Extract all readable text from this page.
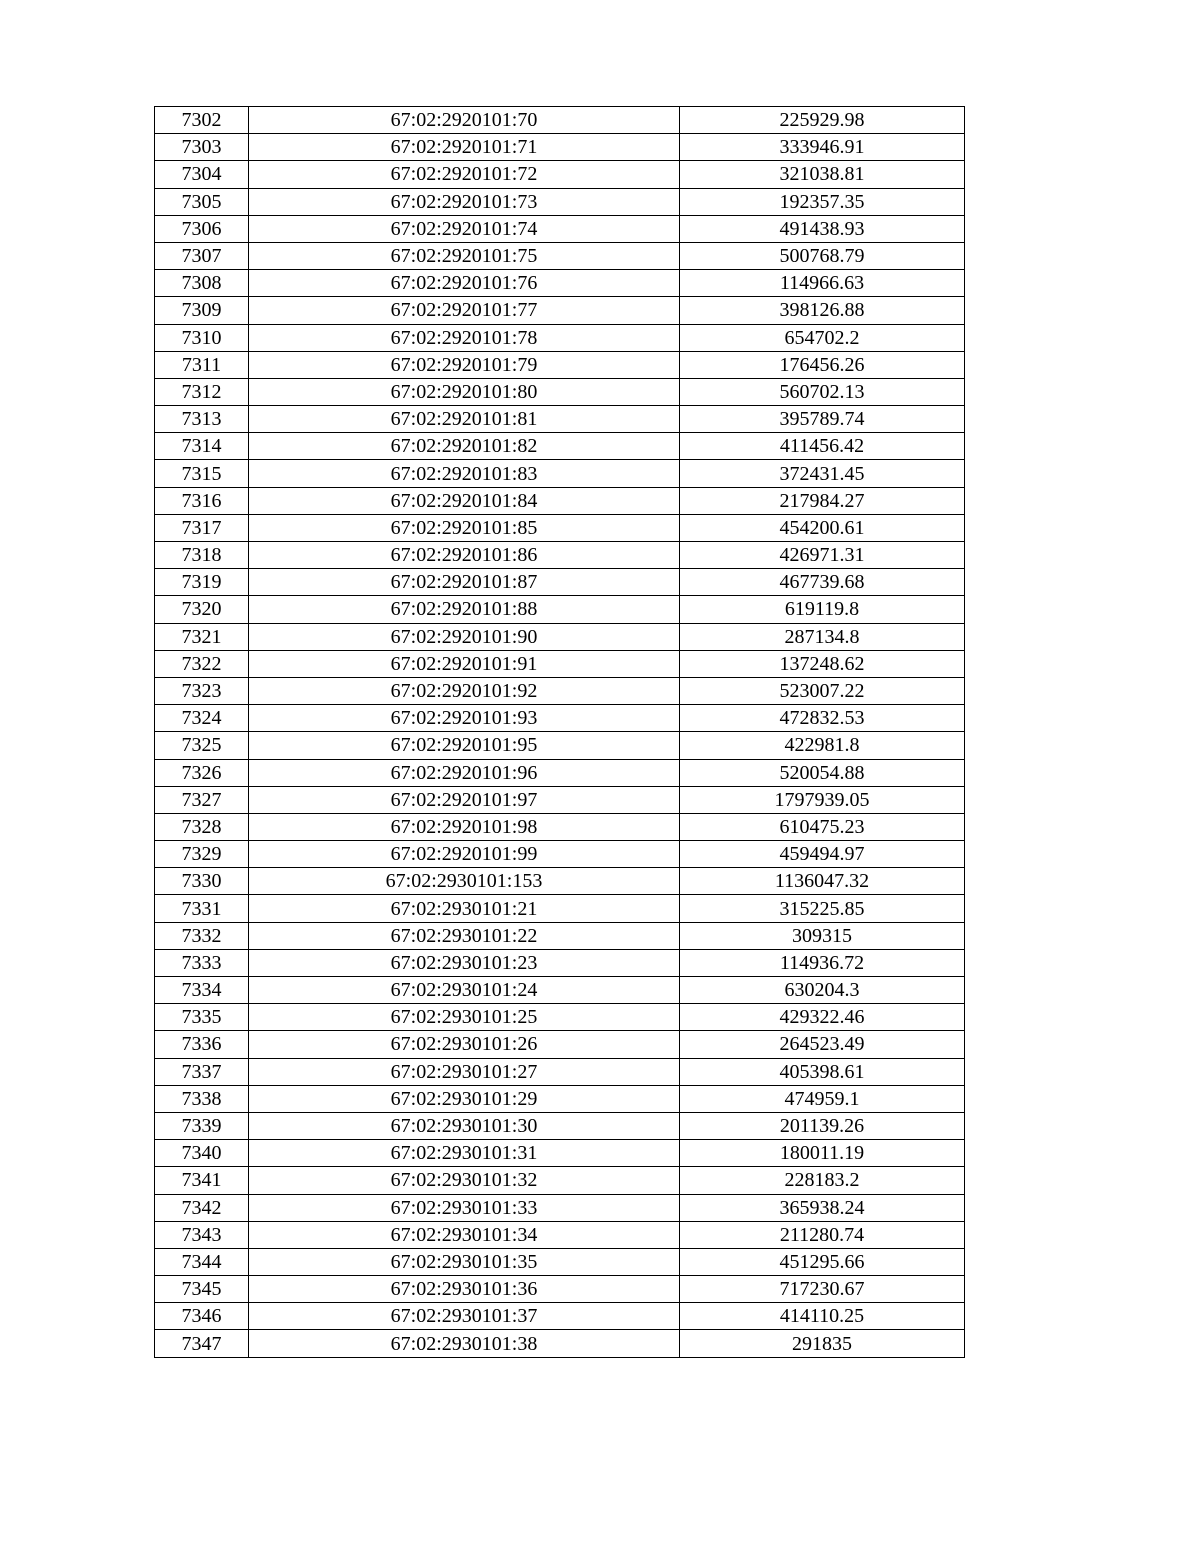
7302	67:02:2920101:70	225929.98
7303	67:02:2920101:71	333946.91
7304	67:02:2920101:72	321038.81
7305	67:02:2920101:73	192357.35
7306	67:02:2920101:74	491438.93
7307	67:02:2920101:75	500768.79
7308	67:02:2920101:76	114966.63
7309	67:02:2920101:77	398126.88
7310	67:02:2920101:78	654702.2
7311	67:02:2920101:79	176456.26
7312	67:02:2920101:80	560702.13
7313	67:02:2920101:81	395789.74
7314	67:02:2920101:82	411456.42
7315	67:02:2920101:83	372431.45
7316	67:02:2920101:84	217984.27
7317	67:02:2920101:85	454200.61
7318	67:02:2920101:86	426971.31
7319	67:02:2920101:87	467739.68
7320	67:02:2920101:88	619119.8
7321	67:02:2920101:90	287134.8
7322	67:02:2920101:91	137248.62
7323	67:02:2920101:92	523007.22
7324	67:02:2920101:93	472832.53
7325	67:02:2920101:95	422981.8
7326	67:02:2920101:96	520054.88
7327	67:02:2920101:97	1797939.05
7328	67:02:2920101:98	610475.23
7329	67:02:2920101:99	459494.97
7330	67:02:2930101:153	1136047.32
7331	67:02:2930101:21	315225.85
7332	67:02:2930101:22	309315
7333	67:02:2930101:23	114936.72
7334	67:02:2930101:24	630204.3
7335	67:02:2930101:25	429322.46
7336	67:02:2930101:26	264523.49
7337	67:02:2930101:27	405398.61
7338	67:02:2930101:29	474959.1
7339	67:02:2930101:30	201139.26
7340	67:02:2930101:31	180011.19
7341	67:02:2930101:32	228183.2
7342	67:02:2930101:33	365938.24
7343	67:02:2930101:34	211280.74
7344	67:02:2930101:35	451295.66
7345	67:02:2930101:36	717230.67
7346	67:02:2930101:37	414110.25
7347	67:02:2930101:38	291835
